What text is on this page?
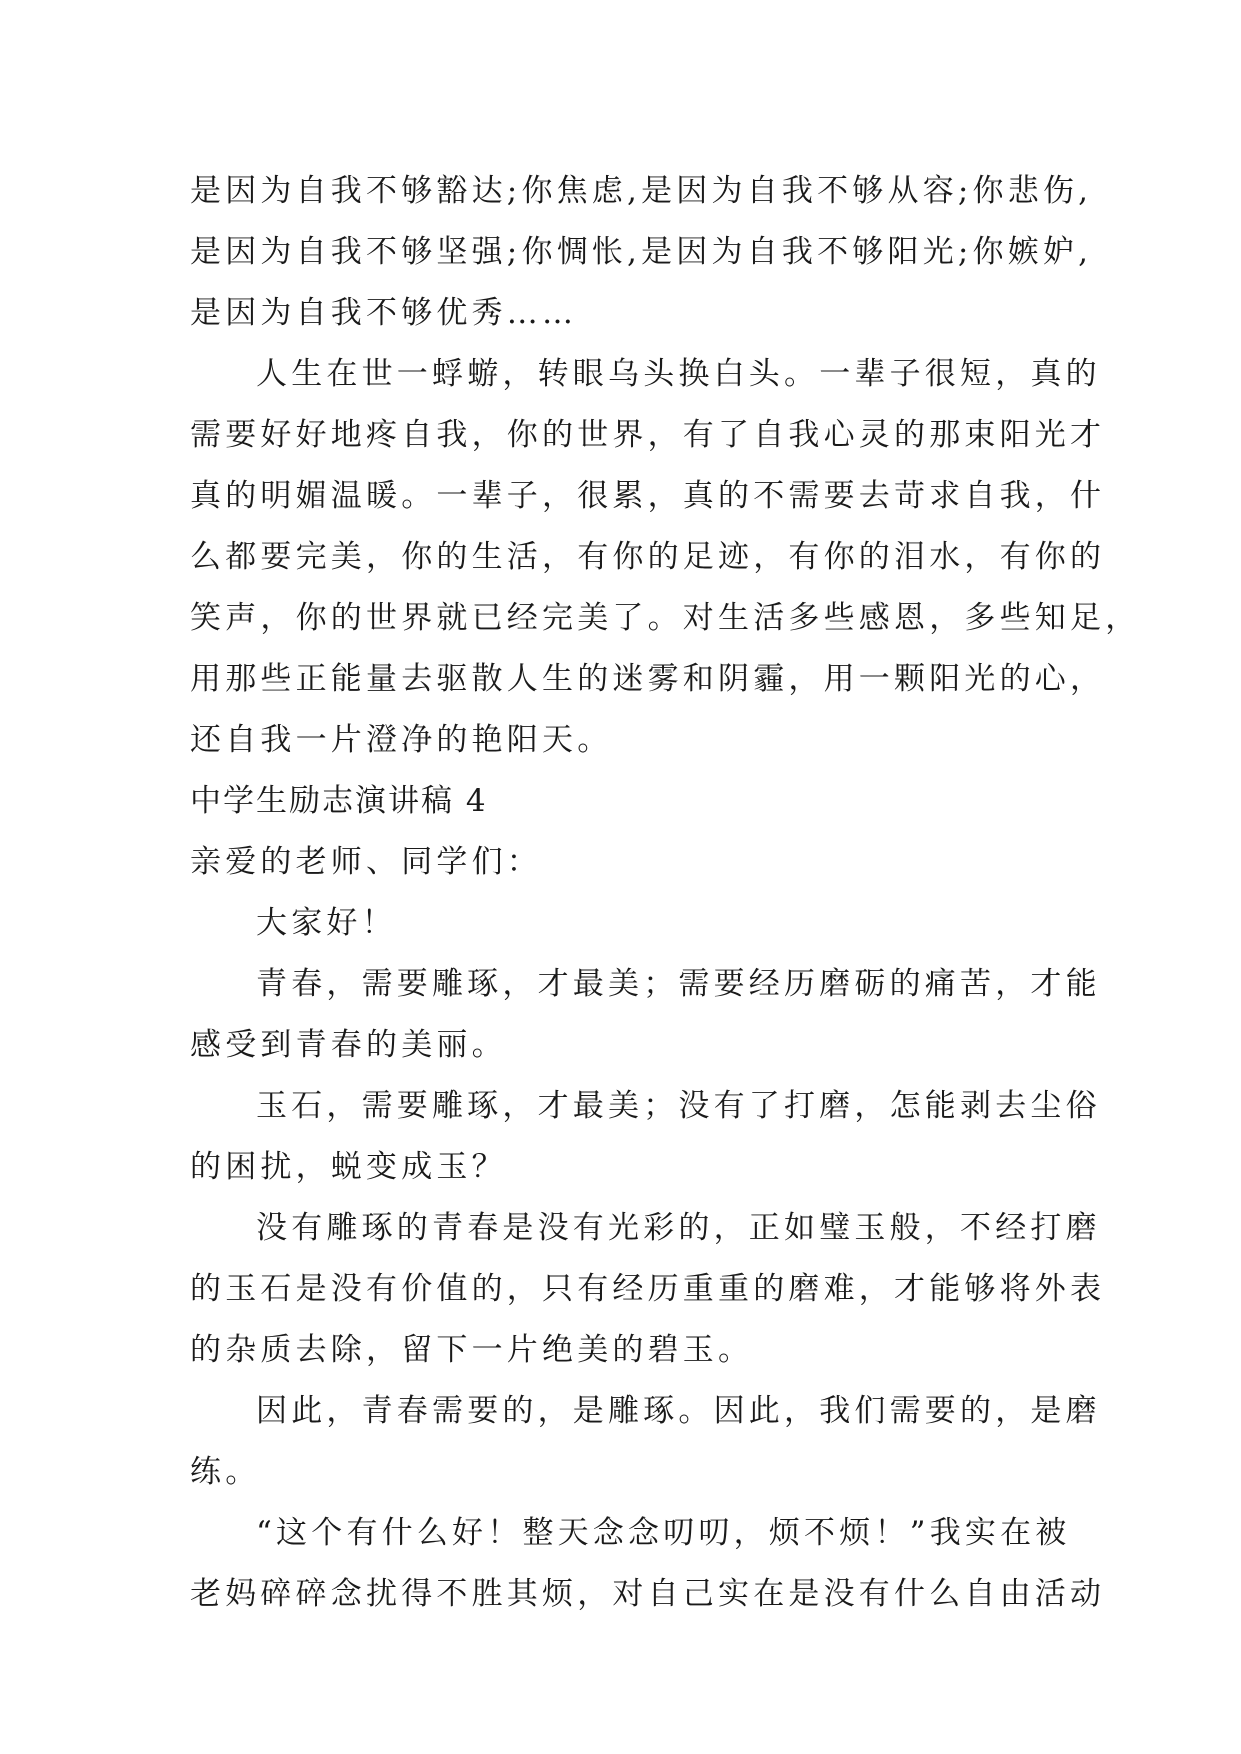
是因为自我不够豁达;你焦虑,是因为自我不够从容;你悲伤,
是因为自我不够坚强;你惆怅,是因为自我不够阳光;你嫉妒,
是因为自我不够优秀……
人生在世一蜉蝣，转眼乌头换白头。一辈子很短，真的
需要好好地疼自我，你的世界，有了自我心灵的那束阳光才
真的明媚温暖。一辈子，很累，真的不需要去苛求自我，什
么都要完美，你的生活，有你的足迹，有你的泪水，有你的
笑声，你的世界就已经完美了。对生活多些感恩，多些知足，
用那些正能量去驱散人生的迷雾和阴霾，用一颗阳光的心，
还自我一片澄净的艳阳天。
中学生励志演讲稿 4
亲爱的老师、同学们：
大家好！
青春，需要雕琢，才最美；需要经历磨砺的痛苦，才能
感受到青春的美丽。
玉石，需要雕琢，才最美；没有了打磨，怎能剥去尘俗
的困扰，蜕变成玉？
没有雕琢的青春是没有光彩的，正如璧玉般，不经打磨
的玉石是没有价值的，只有经历重重的磨难，才能够将外表
的杂质去除，留下一片绝美的碧玉。
因此，青春需要的，是雕琢。因此，我们需要的，是磨
练。
“这个有什么好！整天念念叨叨，烦不烦！”我实在被
老妈碎碎念扰得不胜其烦，对自己实在是没有什么自由活动
